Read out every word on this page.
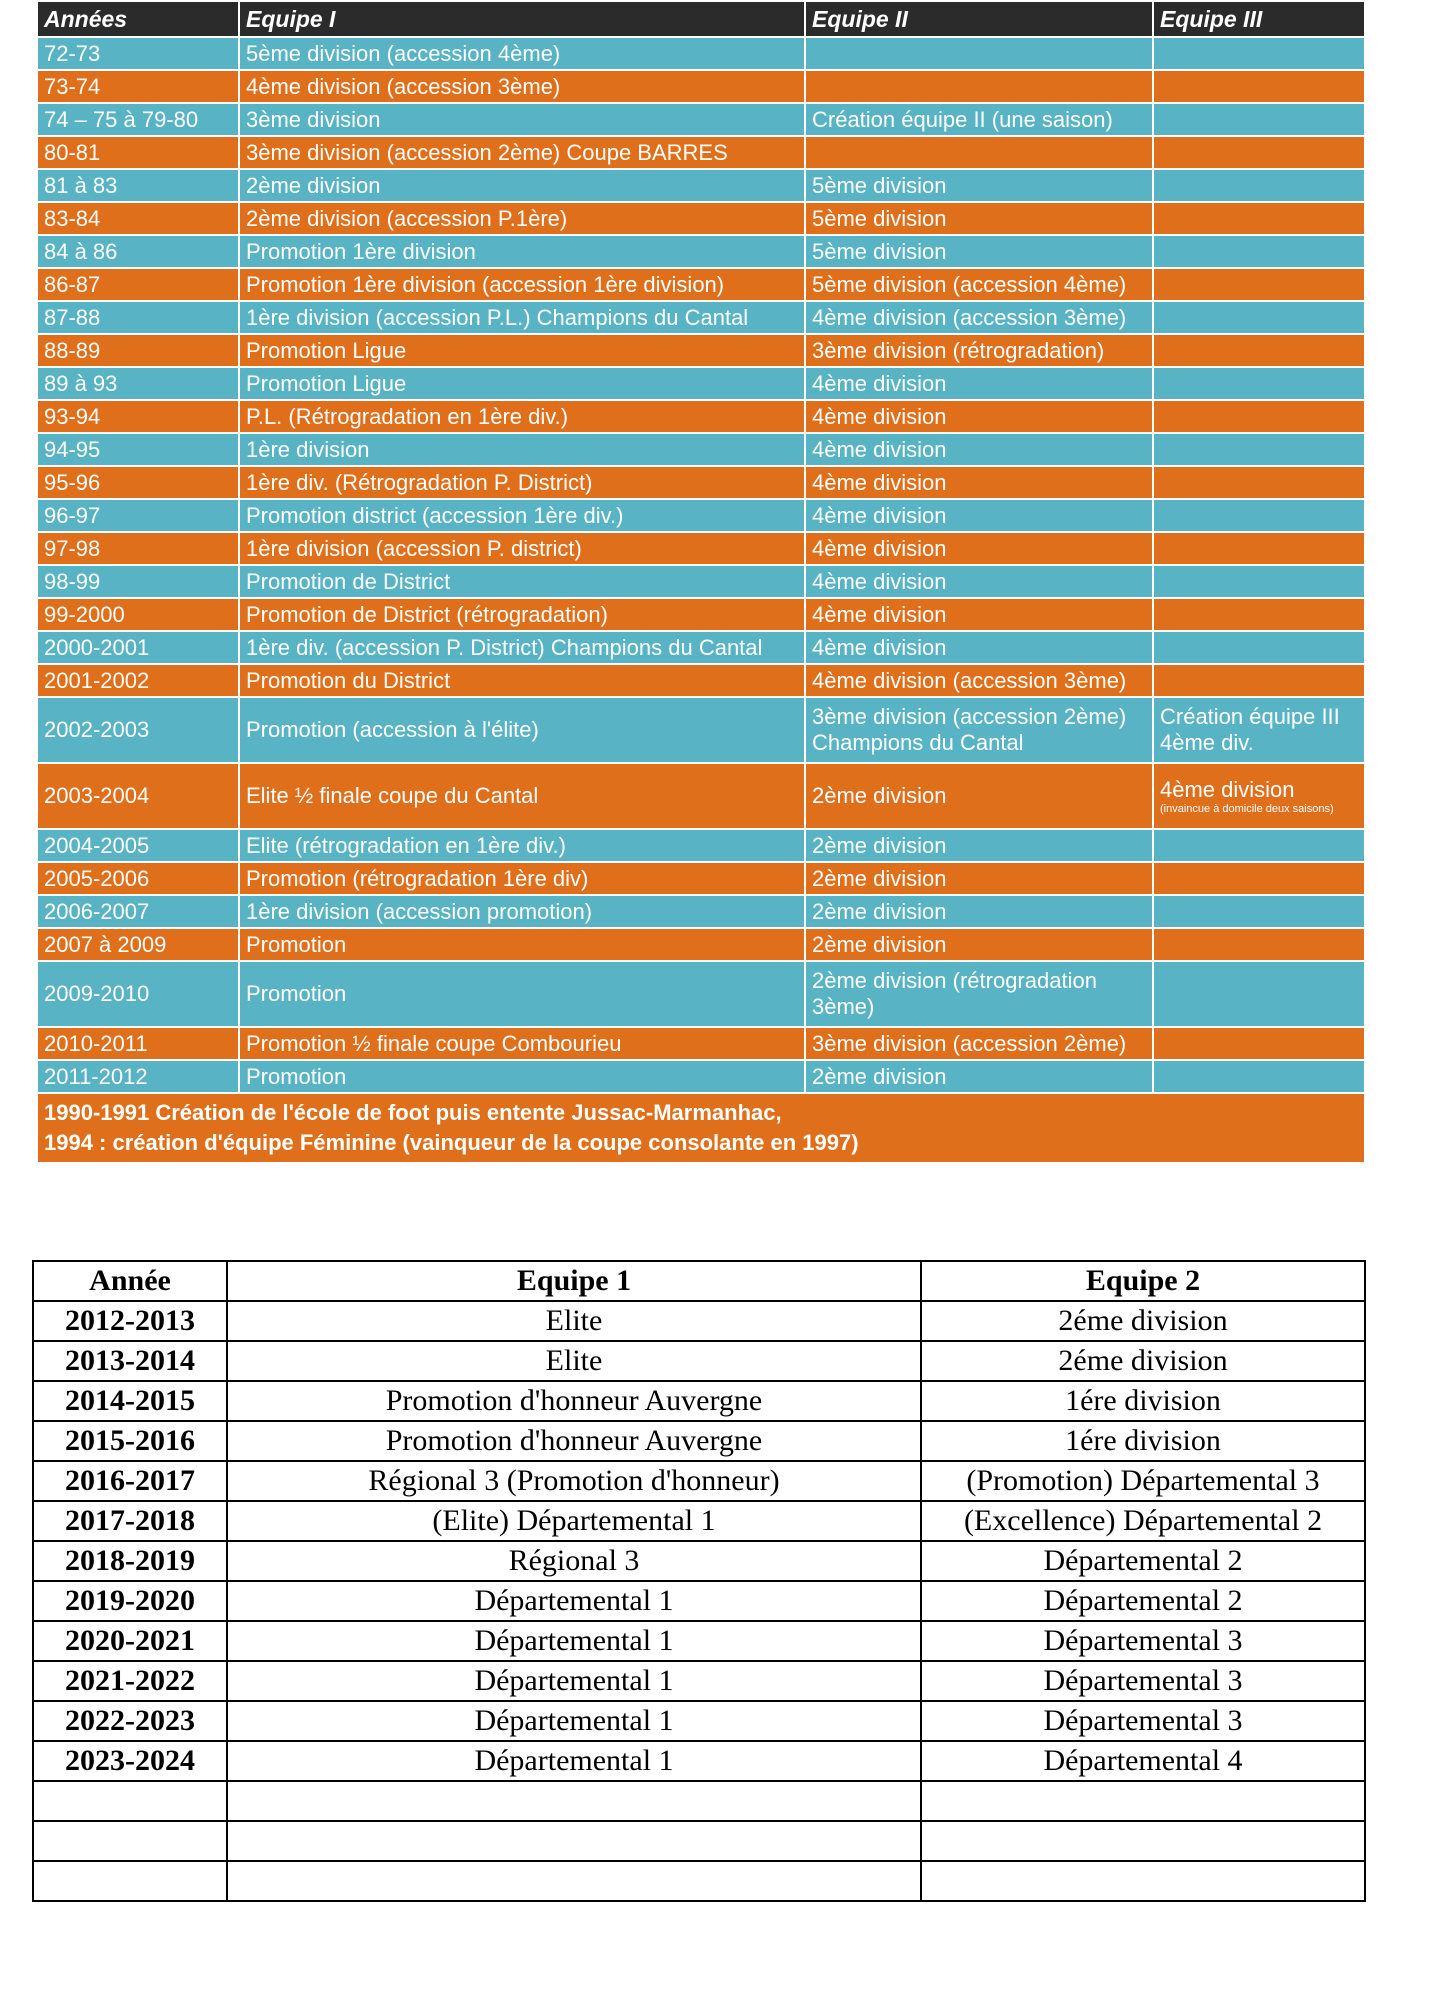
Années	Equipe I	Equipe II	Equipe III
72-73	5ème division (accession 4ème)		
73-74	4ème division (accession 3ème)		
74 – 75 à 79-80	3ème division	Création équipe II (une saison)	
80-81	3ème division (accession 2ème) Coupe BARRES		
81 à 83	2ème division	5ème division	
83-84	2ème division (accession P.1ère)	5ème division	
84 à 86	Promotion 1ère division	5ème division	
86-87	Promotion 1ère division (accession 1ère division)	5ème division (accession 4ème)	
87-88	1ère division (accession P.L.) Champions du Cantal	4ème division (accession 3ème)	
88-89	Promotion Ligue	3ème division (rétrogradation)	
89 à 93	Promotion Ligue	4ème division	
93-94	P.L. (Rétrogradation en 1ère div.)	4ème division	
94-95	1ère division	4ème division	
95-96	1ère div. (Rétrogradation P. District)	4ème division	
96-97	Promotion district (accession 1ère div.)	4ème division	
97-98	1ère division (accession P. district)	4ème division	
98-99	Promotion de District	4ème division	
99-2000	Promotion de District (rétrogradation)	4ème division	
2000-2001	1ère div. (accession P. District) Champions du Cantal	4ème division	
2001-2002	Promotion du District	4ème division (accession 3ème)	
2002-2003	Promotion (accession à l'élite)	3ème division (accession 2ème) Champions du Cantal	Création équipe III 4ème div.
2003-2004	Elite ½ finale coupe du Cantal	2ème division	4ème division
(invaincue à domicile deux saisons)

2004-2005	Elite (rétrogradation en 1ère div.)	2ème division	
2005-2006	Promotion (rétrogradation 1ère div)	2ème division	
2006-2007	1ère division (accession promotion)	2ème division	
2007 à 2009	Promotion	2ème division	
2009-2010	Promotion	2ème division (rétrogradation 3ème)	
2010-2011	Promotion ½ finale coupe Combourieu	3ème division (accession 2ème)	
2011-2012	Promotion	2ème division	
1990-1991 Création de l'école de foot puis entente Jussac-Marmanhac,
1994 : création d'équipe Féminine (vainqueur de la coupe consolante en 1997)			
Année	Equipe 1	Equipe 2
2012-2013	Elite	2éme division
2013-2014	Elite	2éme division
2014-2015	Promotion d'honneur Auvergne	1ére division
2015-2016	Promotion d'honneur Auvergne	1ére division
2016-2017	Régional 3 (Promotion d'honneur)	(Promotion) Départemental 3
2017-2018	(Elite) Départemental 1	(Excellence) Départemental 2
2018-2019	Régional 3	Départemental 2
2019-2020	Départemental 1	Départemental 2
2020-2021	Départemental 1	Départemental 3
2021-2022	Départemental 1	Départemental 3
2022-2023	Départemental 1	Départemental 3
2023-2024	Départemental 1	Départemental 4
